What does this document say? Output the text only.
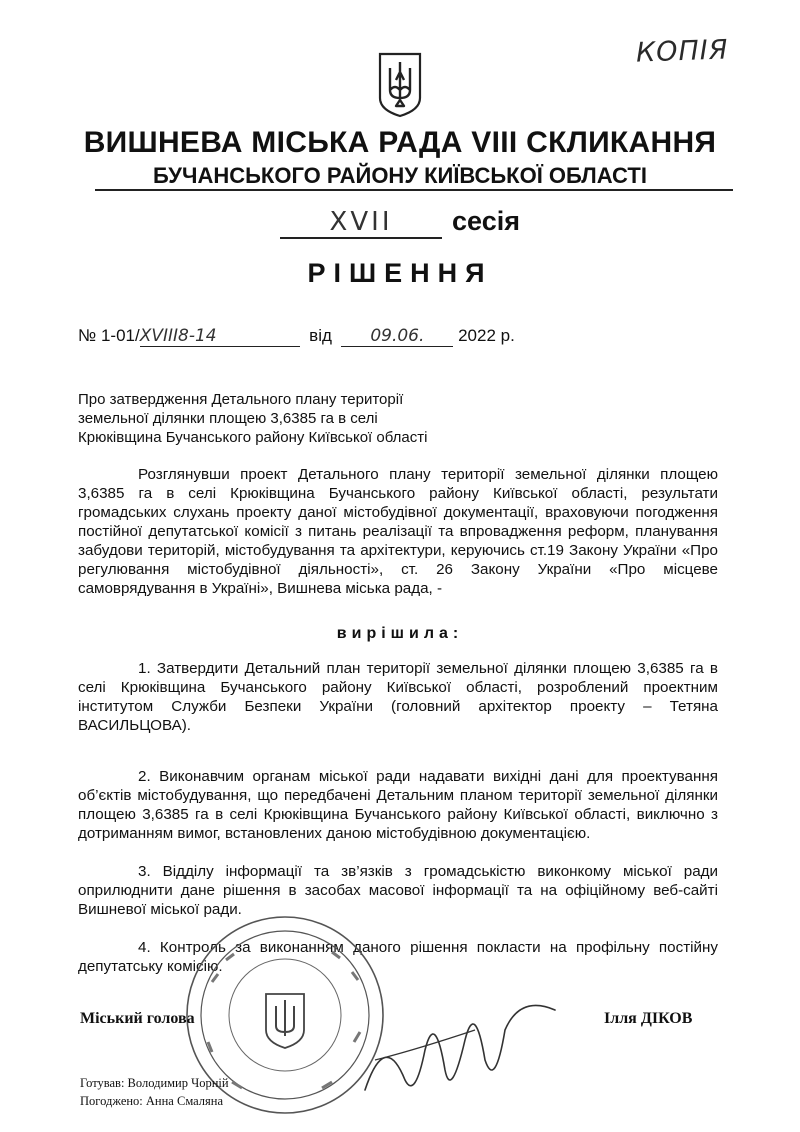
КОПІЯ
ВИШНЕВА МІСЬКА РАДА VIII СКЛИКАННЯ
БУЧАНСЬКОГО РАЙОНУ КИЇВСЬКОЇ ОБЛАСТІ
XVII сесія
РІШЕННЯ
№ 1-01/XVIII8-14	від 09.06. 2022 р.
Про затвердження Детального плану території
земельної ділянки площею 3,6385 га в селі
Крюківщина Бучанського району Київської області

Розглянувши проект Детального плану території земельної ділянки площею 3,6385 га в селі Крюківщина Бучанського району Київської області, результати громадських слухань проекту даної містобудівної документації, враховуючи погодження постійної депутатської комісії з питань реалізації та впровадження реформ, планування забудови територій, містобудування та архітектури, керуючись ст.19 Закону України «Про регулювання містобудівної діяльності», ст. 26 Закону України «Про місцеве самоврядування в Україні», Вишнева міська рада, -

вирішила:

1. Затвердити Детальний план території земельної ділянки площею 3,6385 га в селі Крюківщина Бучанського району Київської області, розроблений проектним інститутом Служби Безпеки України (головний архітектор проекту – Тетяна ВАСИЛЬЦОВА).

2. Виконавчим органам міської ради надавати вихідні дані для проектування об’єктів містобудування, що передбачені Детальним планом території земельної ділянки площею 3,6385 га в селі Крюківщина Бучанського району Київської області, виключно з дотриманням вимог, встановлених даною містобудівною документацією.

3. Відділу інформації та зв’язків з громадськістю виконкому міської ради оприлюднити дане рішення в засобах масової інформації та на офіційному веб-сайті Вишневої міської ради.

4. Контроль за виконанням даного рішення покласти на профільну постійну депутатську комісію.

Міський голова	Ілля ДІКОВ
Готував: Володимир Чорній
Погоджено: Анна Смаляна
